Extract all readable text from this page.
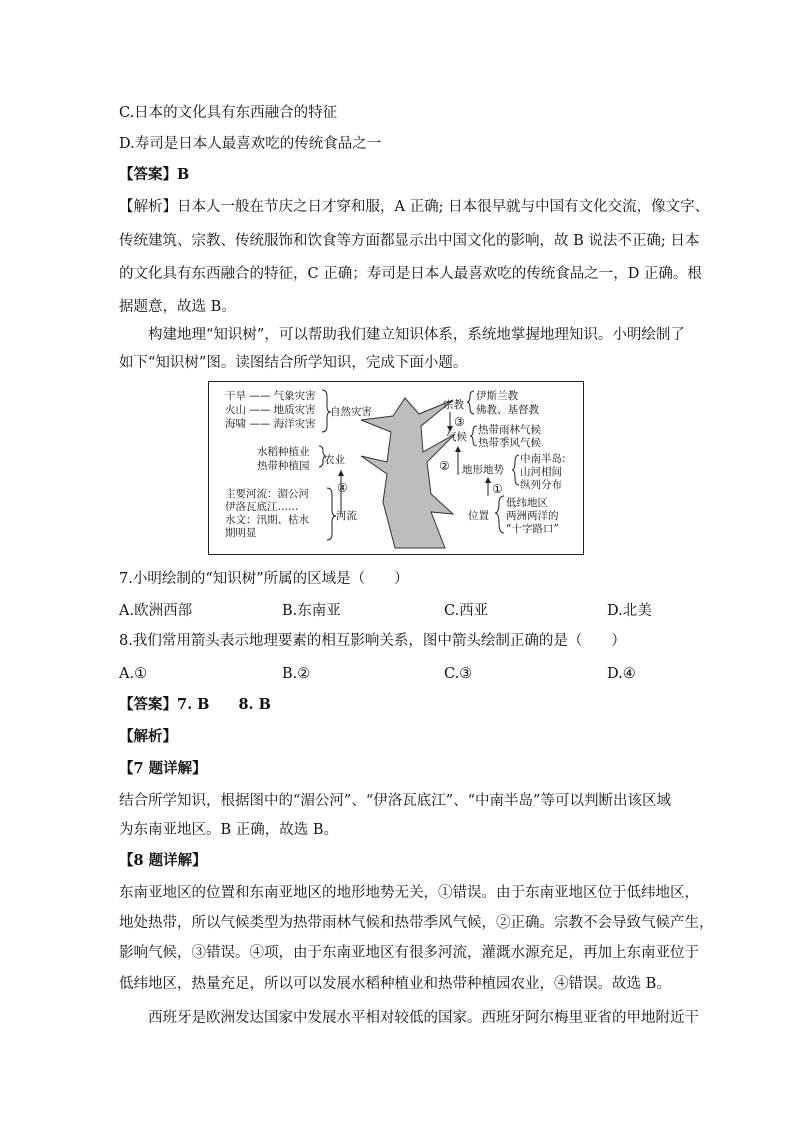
C.日本的文化具有东西融合的特征
D.寿司是日本人最喜欢吃的传统食品之一
【答案】B
【解析】日本人一般在节庆之日才穿和服，A 正确; 日本很早就与中国有文化交流，像文字、
传统建筑、宗教、传统服饰和饮食等方面都显示出中国文化的影响，故 B 说法不正确; 日本
的文化具有东西融合的特征，C 正确；寿司是日本人最喜欢吃的传统食品之一，D 正确。根
据题意，故选 B。
构建地理“知识树”，可以帮助我们建立知识体系，系统地掌握地理知识。小明绘制了
如下“知识树”图。读图结合所学知识，完成下面小题。
干旱 —— 气象灾害
火山 —— 地质灾害
海啸 —— 海洋灾害
自然灾害
水稻种植业
热带种植园 农业
④
主要河流：湄公河
伊洛瓦底江……
水文：汛期、枯水
期明显
河流
宗教
伊斯兰教
佛教、基督教
③
气候
热带雨林气候
热带季风气候
② 地形地势
中南半岛:
山河相间
纵列分布
①
位置
低纬地区
两洲两洋的
“十字路口”
7.小明绘制的“知识树”所属的区域是（　　）
A.欧洲西部	B.东南亚	C.西亚	D.北美
8.我们常用箭头表示地理要素的相互影响关系，图中箭头绘制正确的是（　　）
A.①	B.②	C.③	D.④
【答案】7. B　　8. B
【解析】
【7 题详解】
结合所学知识，根据图中的“湄公河”、“伊洛瓦底江”、“中南半岛”等可以判断出该区域
为东南亚地区。B 正确，故选 B。
【8 题详解】
东南亚地区的位置和东南亚地区的地形地势无关，①错误。由于东南亚地区位于低纬地区，
地处热带，所以气候类型为热带雨林气候和热带季风气候，②正确。宗教不会导致气候产生，
影响气候，③错误。④项，由于东南亚地区有很多河流，灌溉水源充足，再加上东南亚位于
低纬地区，热量充足，所以可以发展水稻种植业和热带种植园农业，④错误。故选 B。
西班牙是欧洲发达国家中发展水平相对较低的国家。西班牙阿尔梅里亚省的甲地附近干
